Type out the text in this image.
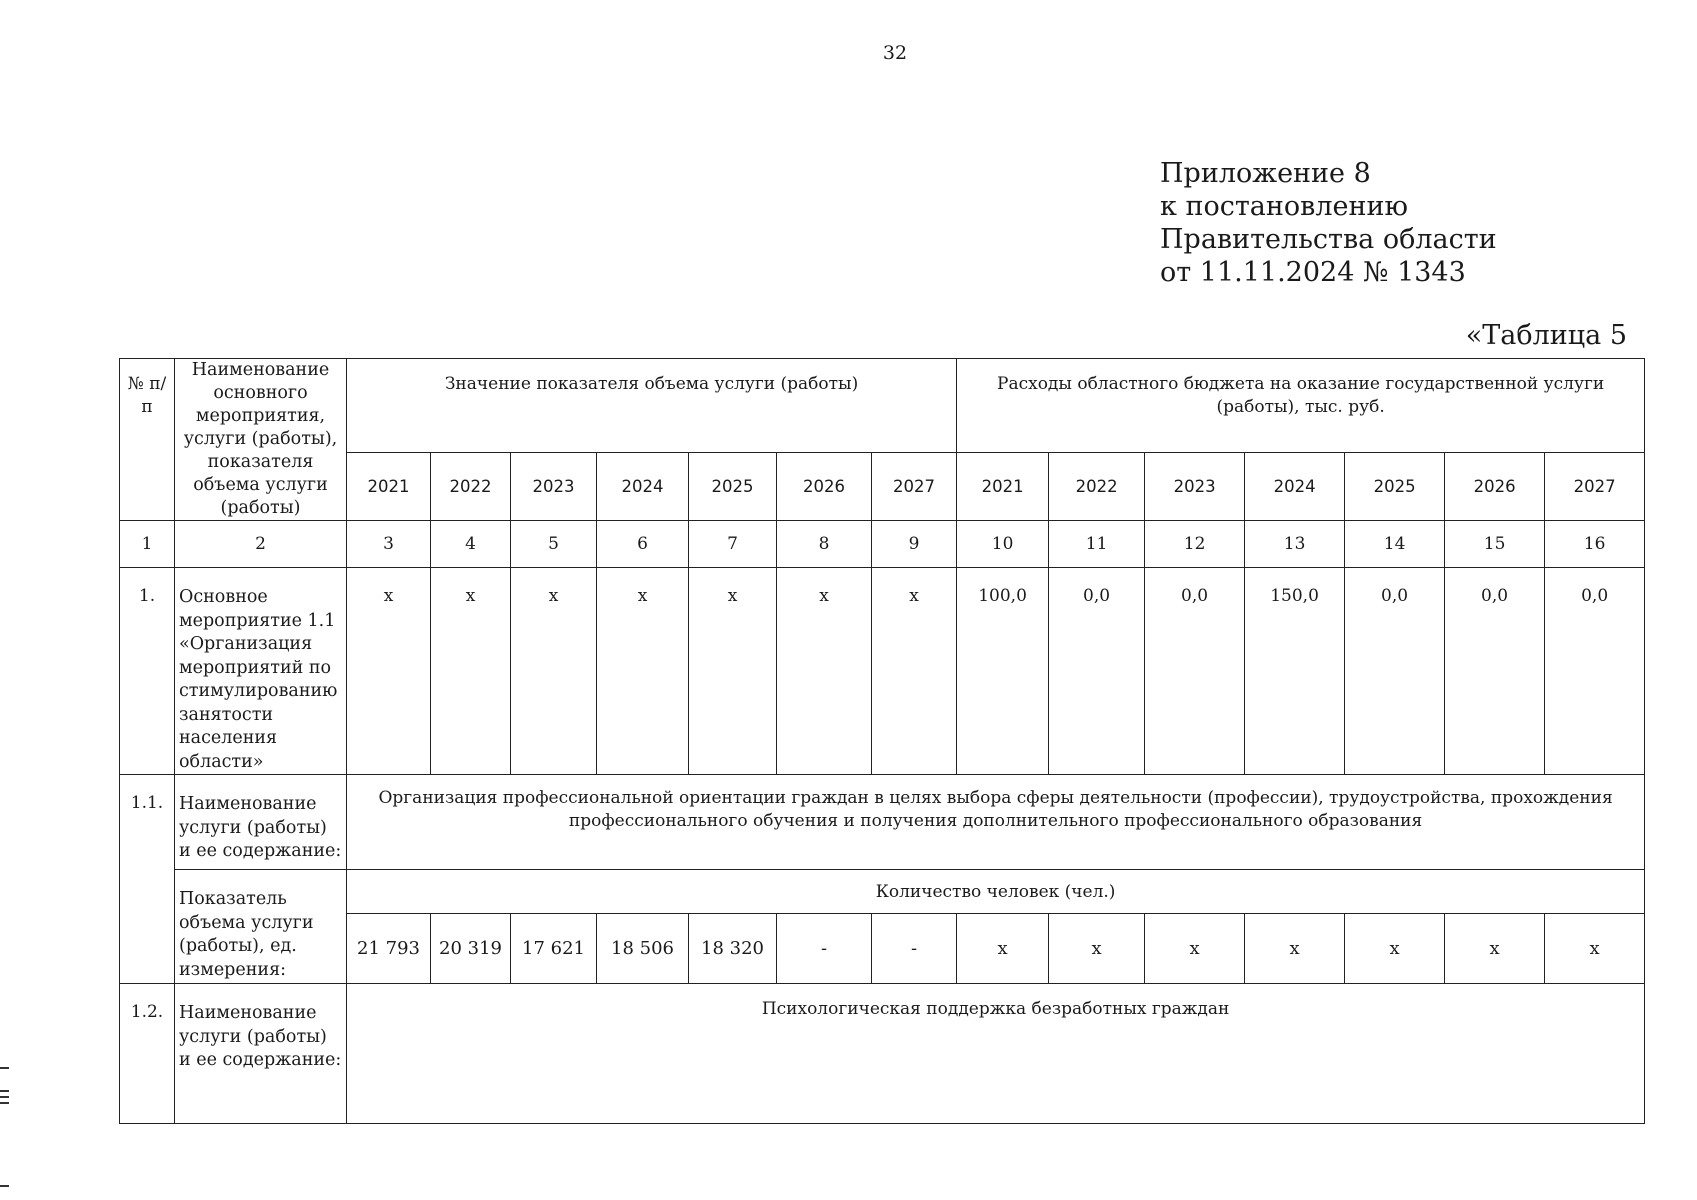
32
Приложение 8
к постановлению
Правительства области
от 11.11.2024 № 1343
«Таблица 5
№ п/п	Наименование основного мероприятия, услуги (работы), показателя объема услуги (работы)	Значение показателя объема услуги (работы)							Расходы областного бюджета на оказание государственной услуги (работы), тыс. руб.						
		2021	2022	2023	2024	2025	2026	2027	2021	2022	2023	2024	2025	2026	2027
1	2	3	4	5	6	7	8	9	10	11	12	13	14	15	16
1.	Основное мероприятие 1.1 «Организация мероприятий по стимулированию занятости населения области»	x	x	x	x	x	x	x	100,0	0,0	0,0	150,0	0,0	0,0	0,0
1.1.	Наименование услуги (работы) и ее содержание:	Организация профессиональной ориентации граждан в целях выбора сферы деятельности (профессии), трудоустройства, прохождения профессионального обучения и получения дополнительного профессионального образования													
	Показатель объема услуги (работы), ед. измерения:	Количество человек (чел.)													
		21 793	20 319	17 621	18 506	18 320	-	-	x	x	x	x	x	x	x
1.2.	Наименование услуги (работы) и ее содержание:	Психологическая поддержка безработных граждан													
